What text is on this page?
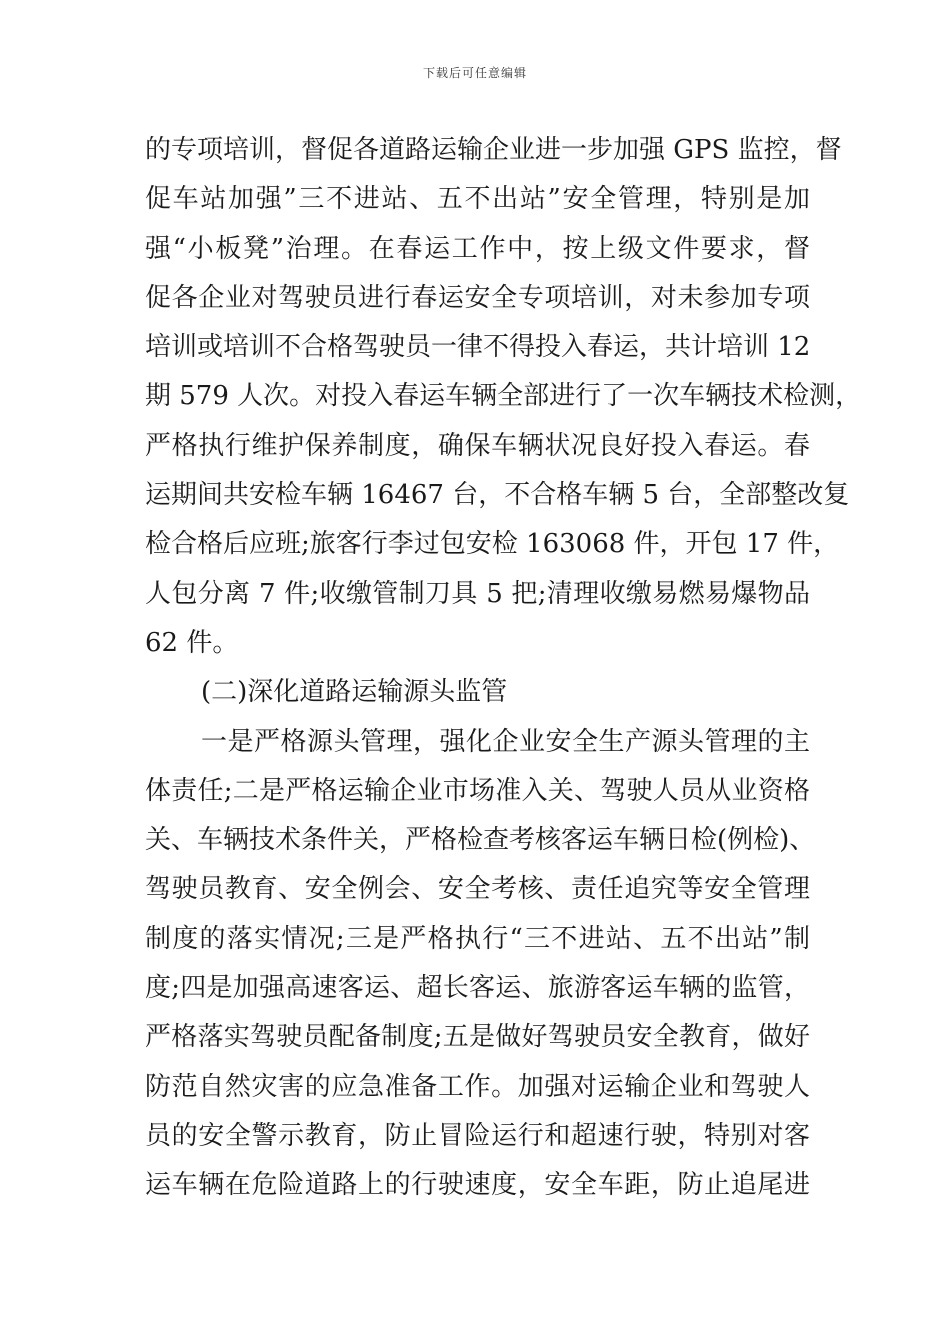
下载后可任意编辑
的专项培训，督促各道路运输企业进一步加强 GPS 监控，督
促车站加强”三不进站、五不出站”安全管理，特别是加
强“小板凳”治理。在春运工作中，按上级文件要求，督
促各企业对驾驶员进行春运安全专项培训，对未参加专项
培训或培训不合格驾驶员一律不得投入春运，共计培训 12
期 579 人次。对投入春运车辆全部进行了一次车辆技术检测，
严格执行维护保养制度，确保车辆状况良好投入春运。春
运期间共安检车辆 16467 台，不合格车辆 5 台，全部整改复
检合格后应班;旅客行李过包安检 163068 件，开包 17 件，
人包分离 7 件;收缴管制刀具 5 把;清理收缴易燃易爆物品
62 件。
(二)深化道路运输源头监管
一是严格源头管理，强化企业安全生产源头管理的主
体责任;二是严格运输企业市场准入关、驾驶人员从业资格
关、车辆技术条件关，严格检查考核客运车辆日检(例检)、
驾驶员教育、安全例会、安全考核、责任追究等安全管理
制度的落实情况;三是严格执行“三不进站、五不出站”制
度;四是加强高速客运、超长客运、旅游客运车辆的监管，
严格落实驾驶员配备制度;五是做好驾驶员安全教育，做好
防范自然灾害的应急准备工作。加强对运输企业和驾驶人
员的安全警示教育，防止冒险运行和超速行驶，特别对客
运车辆在危险道路上的行驶速度，安全车距，防止追尾进
